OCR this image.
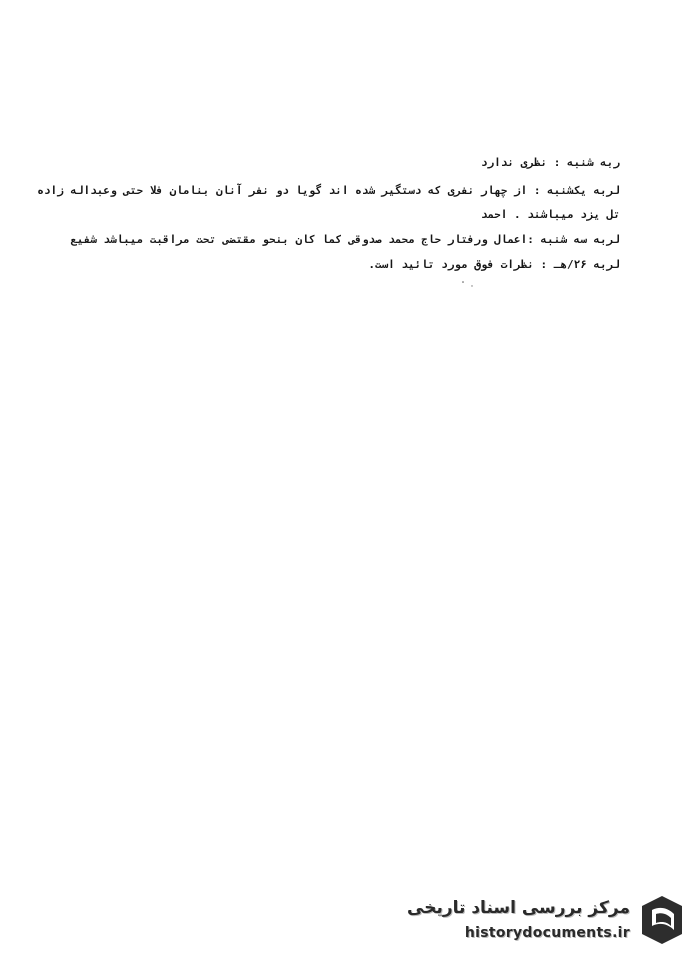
ربه شنبه : نظری ندارد
لربه یکشنبه : از چهار نفری که دستگیر شده اند گویا دو نفر آنان بنامان فلا حتی وعبداله زاده
تل یزد میباشند . احمد
لربه سه شنبه :اعمال ورفتار حاج محمد صدوقی کما کان بنحو مقتضی تحت مراقبت میباشد شفیع
لربه ۲۶/هـ : نظرات فوق مورد تائید است.
مرکز بررسی اسناد تاریخی
historydocuments.ir
